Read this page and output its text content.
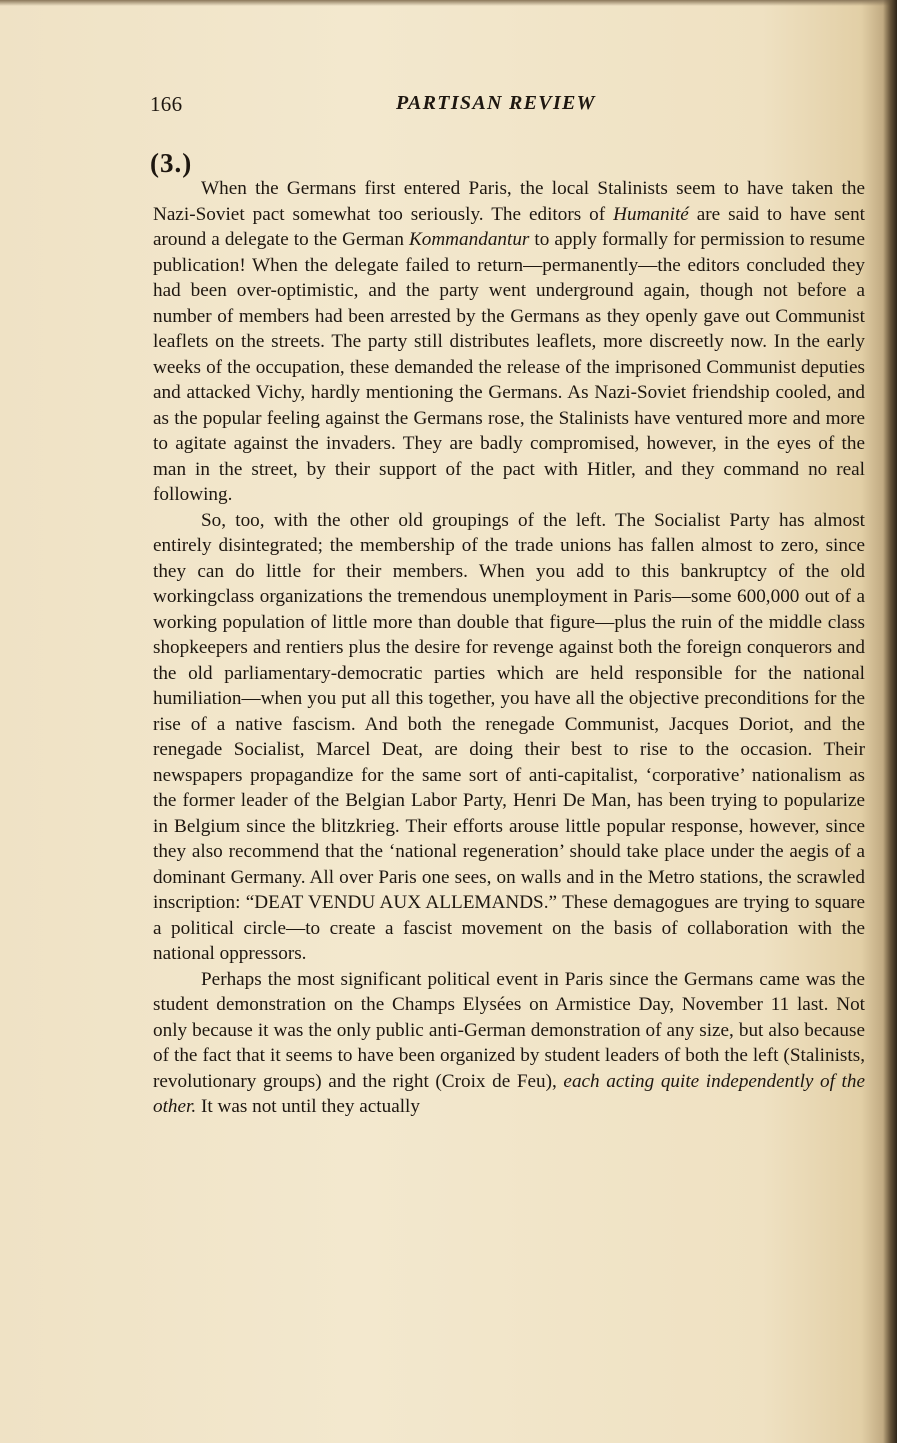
166	PARTISAN REVIEW
(3.)

When the Germans first entered Paris, the local Stalinists seem to have taken the Nazi-Soviet pact somewhat too seriously. The editors of Humanité are said to have sent around a delegate to the German Kommandantur to apply formally for permission to resume publication! When the delegate failed to return—permanently—the editors concluded they had been over-optimistic, and the party went underground again, though not before a number of members had been arrested by the Germans as they openly gave out Communist leaflets on the streets. The party still distributes leaflets, more discreetly now. In the early weeks of the occupation, these demanded the release of the imprisoned Communist deputies and attacked Vichy, hardly mentioning the Germans. As Nazi-Soviet friendship cooled, and as the popular feeling against the Germans rose, the Stalinists have ventured more and more to agitate against the invaders. They are badly compromised, however, in the eyes of the man in the street, by their support of the pact with Hitler, and they command no real following.

So, too, with the other old groupings of the left. The Socialist Party has almost entirely disintegrated; the membership of the trade unions has fallen almost to zero, since they can do little for their members. When you add to this bankruptcy of the old workingclass organizations the tremendous unemployment in Paris—some 600,000 out of a working population of little more than double that figure—plus the ruin of the middle class shopkeepers and rentiers plus the desire for revenge against both the foreign conquerors and the old parliamentary-democratic parties which are held responsible for the national humiliation—when you put all this together, you have all the objective preconditions for the rise of a native fascism. And both the renegade Communist, Jacques Doriot, and the renegade Socialist, Marcel Deat, are doing their best to rise to the occasion. Their newspapers propagandize for the same sort of anti-capitalist, ‘corporative’ nationalism as the former leader of the Belgian Labor Party, Henri De Man, has been trying to popularize in Belgium since the blitzkrieg. Their efforts arouse little popular response, however, since they also recommend that the ‘national regeneration’ should take place under the aegis of a dominant Germany. All over Paris one sees, on walls and in the Metro stations, the scrawled inscription: “DEAT VENDU AUX ALLEMANDS.” These demagogues are trying to square a political circle—to create a fascist movement on the basis of collaboration with the national oppressors.

Perhaps the most significant political event in Paris since the Germans came was the student demonstration on the Champs Elysées on Armistice Day, November 11 last. Not only because it was the only public anti-German demonstration of any size, but also because of the fact that it seems to have been organized by student leaders of both the left (Stalinists, revolutionary groups) and the right (Croix de Feu), each acting quite independently of the other. It was not until they actually
